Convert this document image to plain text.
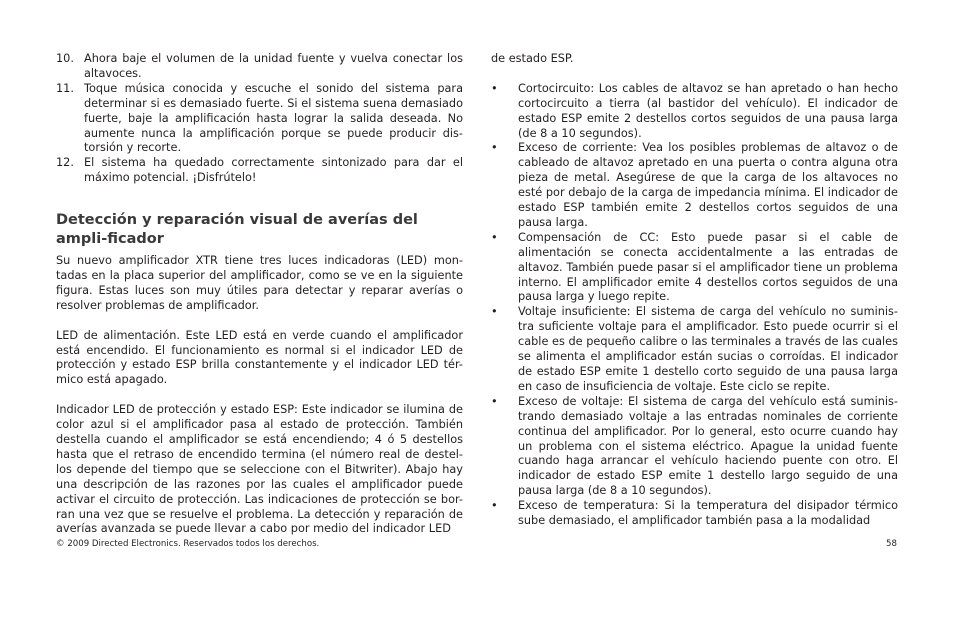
10. Ahora baje el volumen de la unidad fuente y vuelva conectar los altavoces.

11. Toque música conocida y escuche el sonido del sistema para determinar si es demasiado fuerte. Si el sistema suena demasiado fuerte, baje la amplificación hasta lograr la salida deseada. No aumente nunca la amplificación porque se puede producir dis-torsión y recorte.

12. El sistema ha quedado correctamente sintonizado para dar el máximo potencial. ¡Disfrútelo!

Detección y reparación visual de averías del ampli-ficador

Su nuevo amplificador XTR tiene tres luces indicadoras (LED) mon-tadas en la placa superior del amplificador, como se ve en la siguiente figura. Estas luces son muy útiles para detectar y reparar averías o resolver problemas de amplificador.

LED de alimentación. Este LED está en verde cuando el amplificador está encendido. El funcionamiento es normal si el indicador LED de protección y estado ESP brilla constantemente y el indicador LED tér-mico está apagado.

Indicador LED de protección y estado ESP: Este indicador se ilumina de color azul si el amplificador pasa al estado de protección. También destella cuando el amplificador se está encendiendo; 4 ó 5 destellos hasta que el retraso de encendido termina (el número real de destel-los depende del tiempo que se seleccione con el Bitwriter). Abajo hay una descripción de las razones por las cuales el amplificador puede activar el circuito de protección. Las indicaciones de protección se bor-ran una vez que se resuelve el problema. La detección y reparación de averías avanzada se puede llevar a cabo por medio del indicador LED

de estado ESP.

•	Cortocircuito: Los cables de altavoz se han apretado o han hecho cortocircuito a tierra (al bastidor del vehículo). El indicador de estado ESP emite 2 destellos cortos seguidos de una pausa larga (de 8 a 10 segundos).

•	Exceso de corriente: Vea los posibles problemas de altavoz o de cableado de altavoz apretado en una puerta o contra alguna otra pieza de metal. Asegúrese de que la carga de los altavoces no esté por debajo de la carga de impedancia mínima. El indicador de estado ESP también emite 2 destellos cortos seguidos de una pausa larga.

•	Compensación de CC: Esto puede pasar si el cable de alimentación se conecta accidentalmente a las entradas de altavoz. También puede pasar si el amplificador tiene un problema interno. El amplificador emite 4 destellos cortos seguidos de una pausa larga y luego repite.

•	Voltaje insuficiente: El sistema de carga del vehículo no suminis-tra suficiente voltaje para el amplificador. Esto puede ocurrir si el cable es de pequeño calibre o las terminales a través de las cuales se alimenta el amplificador están sucias o corroídas. El indicador de estado ESP emite 1 destello corto seguido de una pausa larga en caso de insuficiencia de voltaje. Este ciclo se repite.

•	Exceso de voltaje: El sistema de carga del vehículo está suminis-trando demasiado voltaje a las entradas nominales de corriente continua del amplificador. Por lo general, esto ocurre cuando hay un problema con el sistema eléctrico. Apague la unidad fuente cuando haga arrancar el vehículo haciendo puente con otro. El indicador de estado ESP emite 1 destello largo seguido de una pausa larga (de 8 a 10 segundos).

•	Exceso de temperatura: Si la temperatura del disipador térmico sube demasiado, el amplificador también pasa a la modalidad

© 2009 Directed Electronics. Reservados todos los derechos.	58
